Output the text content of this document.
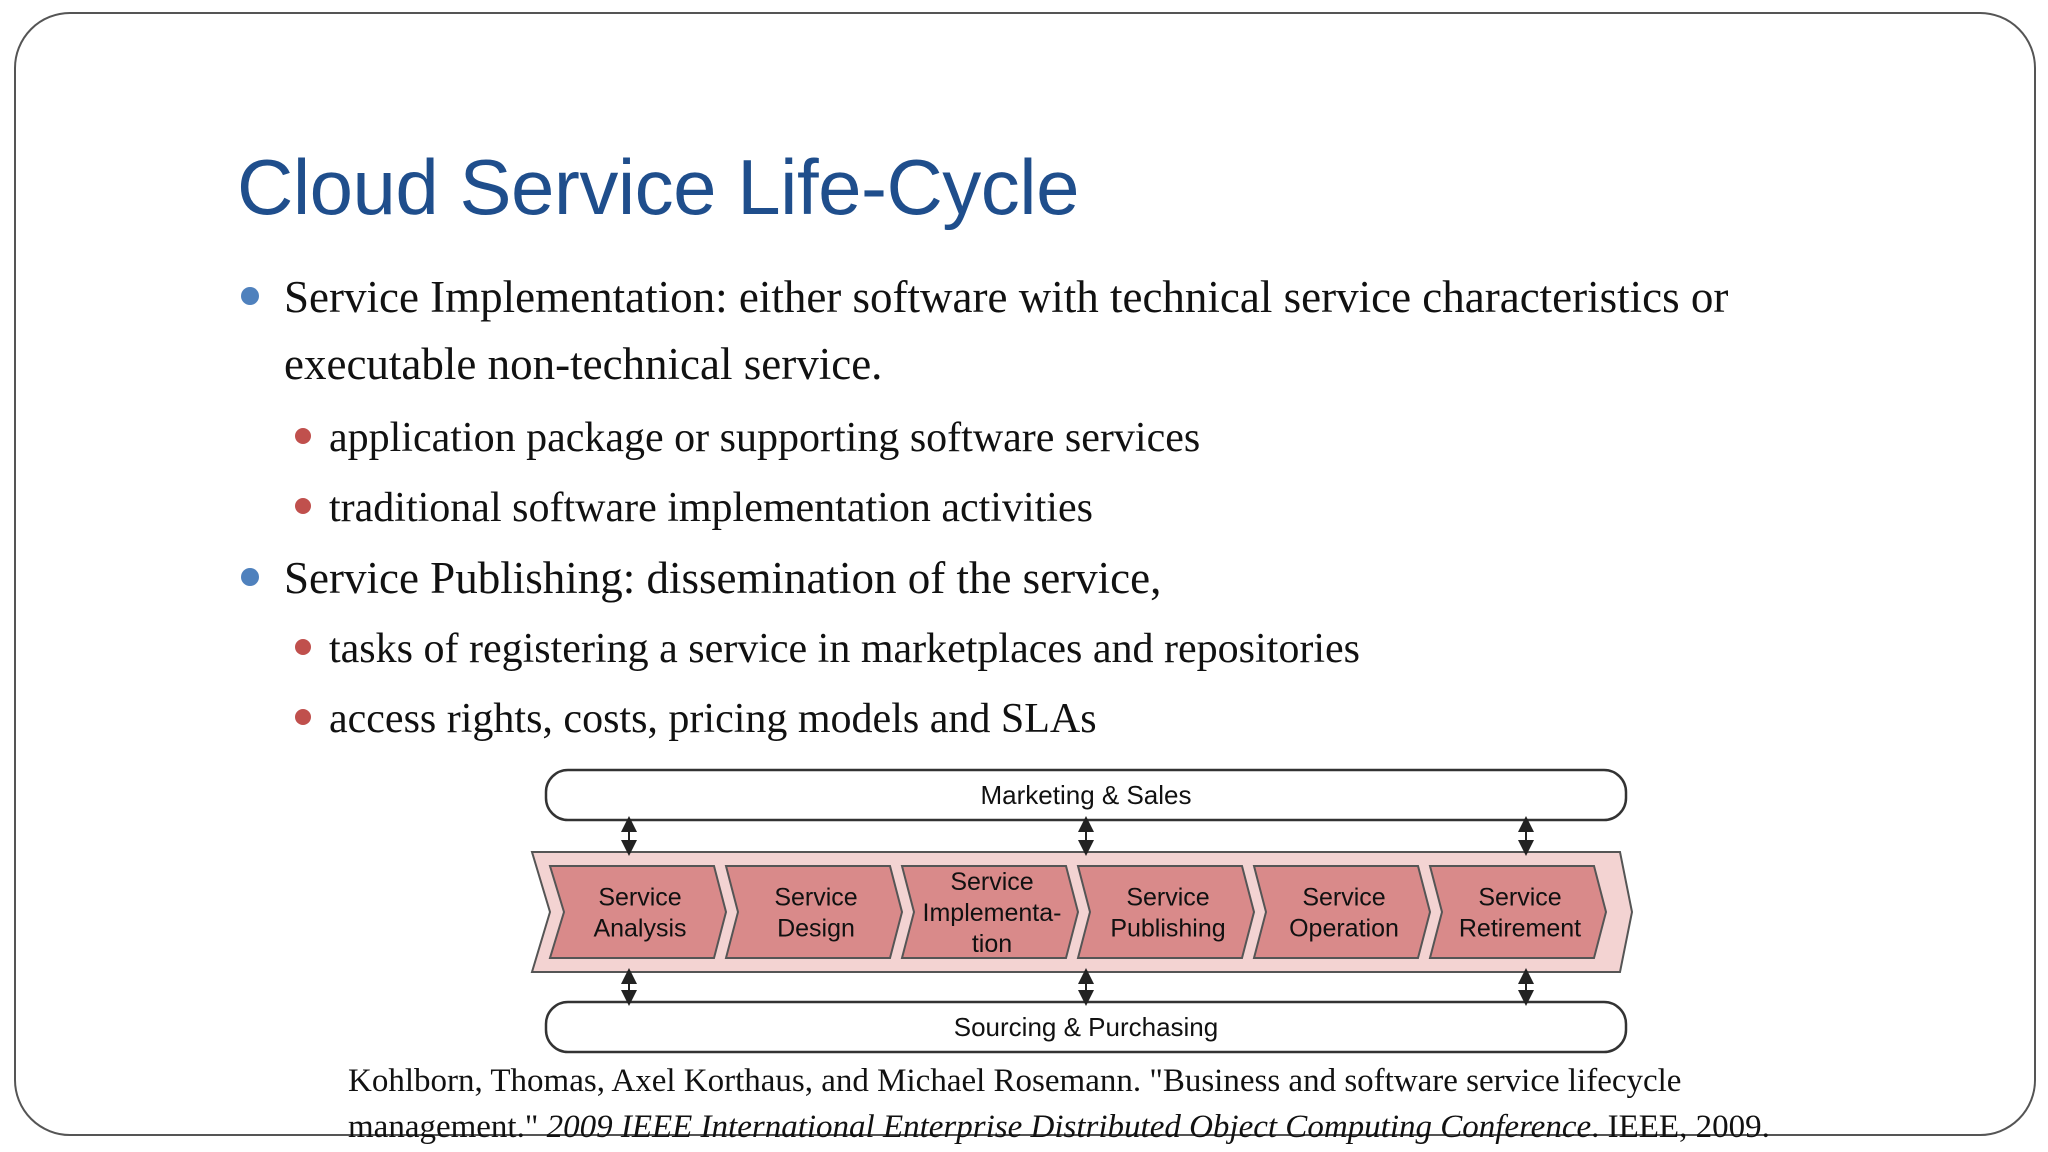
Cloud Service Life-Cycle
Service Implementation: either software with technical service characteristics or
executable non-technical service.
application package or supporting software services
traditional software implementation activities
Service Publishing: dissemination of the service,
tasks of registering a service in marketplaces and repositories
access rights, costs, pricing models and SLAs
Marketing & Sales
Sourcing & Purchasing
Service Analysis
Service Design
Service Implementa-tion
Service Publishing
Service Operation
Service Retirement
Kohlborn, Thomas, Axel Korthaus, and Michael Rosemann. "Business and software service lifecycle
management." 2009 IEEE International Enterprise Distributed Object Computing Conference. IEEE, 2009.
